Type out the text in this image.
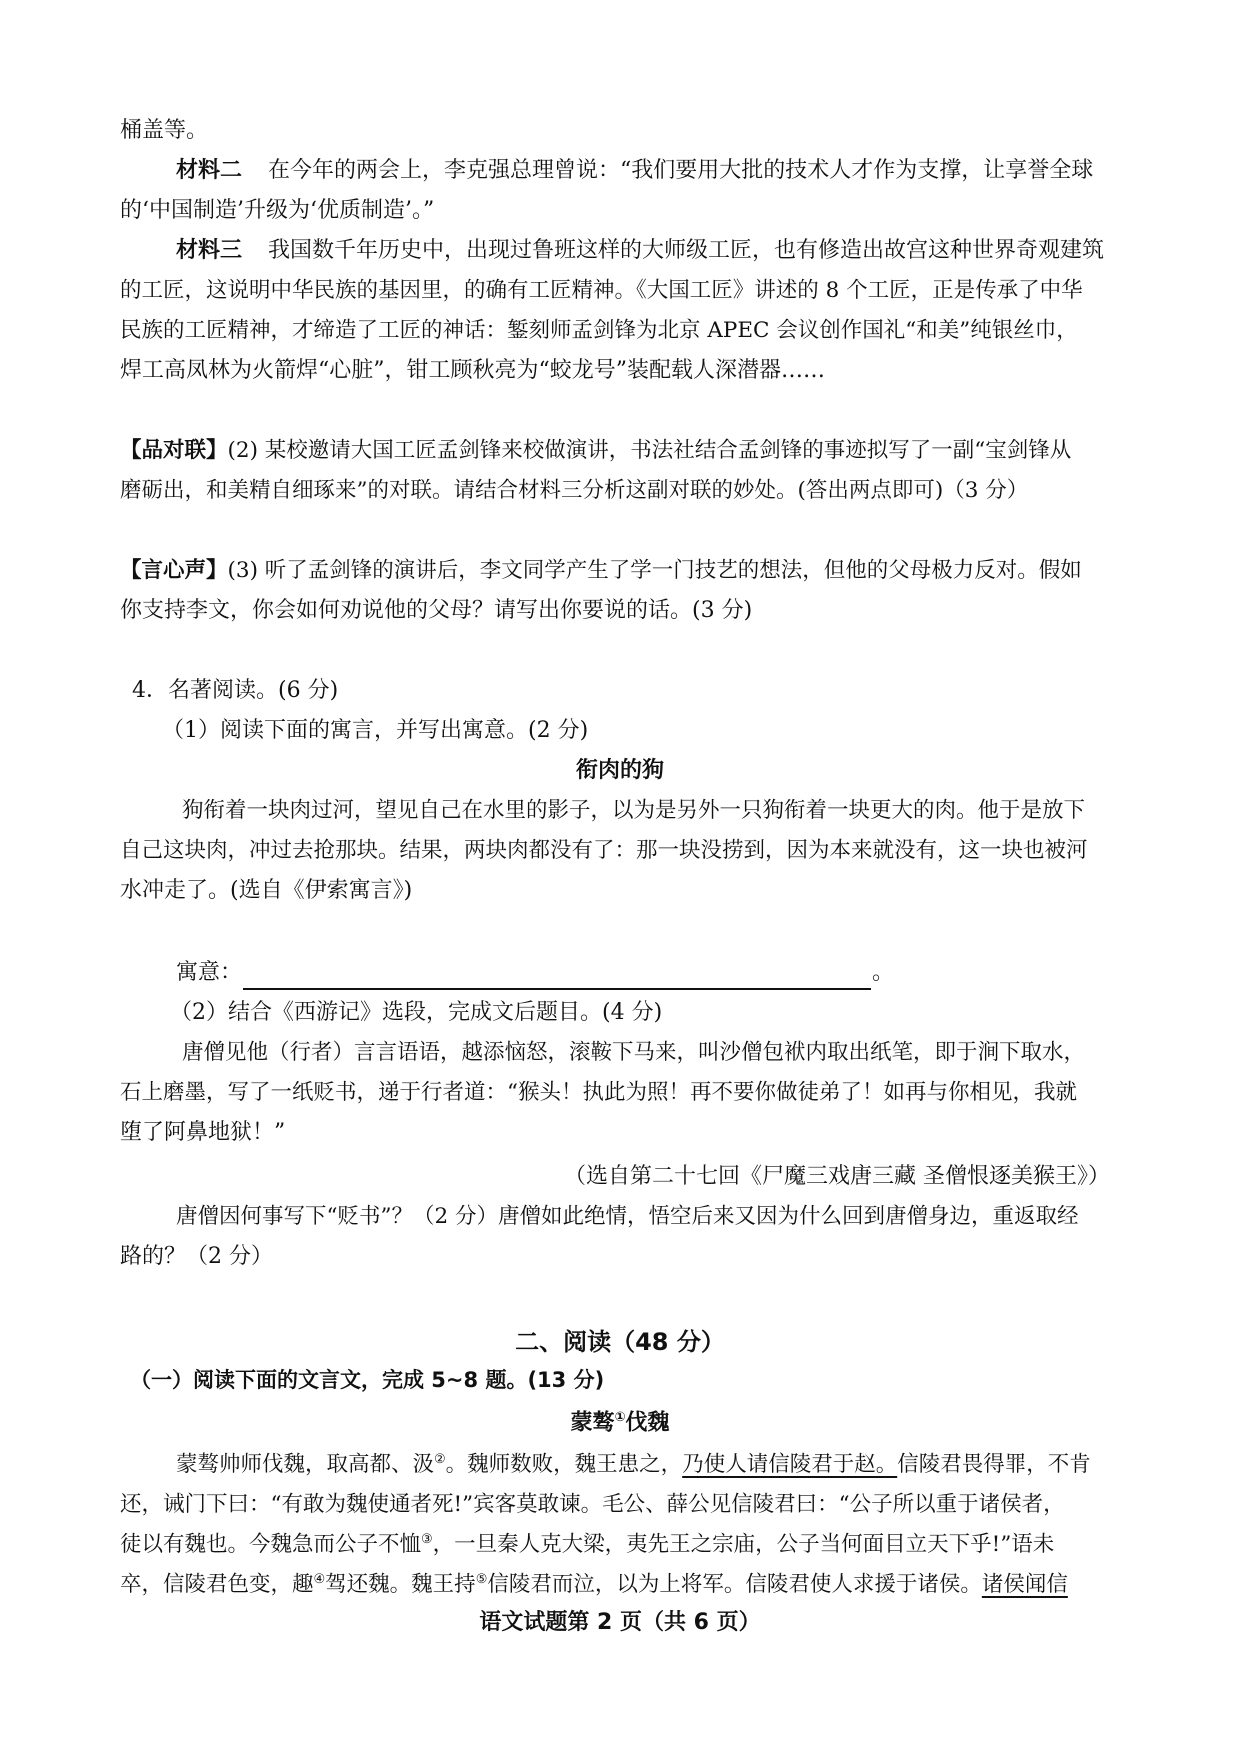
桶盖等。
材料二 在今年的两会上，李克强总理曾说：“我们要用大批的技术人才作为支撑，让享誉全球
的‘中国制造’升级为‘优质制造’。”
材料三 我国数千年历史中，出现过鲁班这样的大师级工匠，也有修造出故宫这种世界奇观建筑
的工匠，这说明中华民族的基因里，的确有工匠精神。《大国工匠》讲述的 8 个工匠，正是传承了中华
民族的工匠精神，才缔造了工匠的神话：錾刻师孟剑锋为北京 APEC 会议创作国礼“和美”纯银丝巾，
焊工高凤林为火箭焊“心脏”，钳工顾秋亮为“蛟龙号”装配载人深潜器……
【品对联】(2) 某校邀请大国工匠孟剑锋来校做演讲，书法社结合孟剑锋的事迹拟写了一副“宝剑锋从
磨砺出，和美精自细琢来”的对联。请结合材料三分析这副对联的妙处。(答出两点即可)（3 分）
【言心声】(3) 听了孟剑锋的演讲后，李文同学产生了学一门技艺的想法，但他的父母极力反对。假如
你支持李文，你会如何劝说他的父母？请写出你要说的话。(3 分)
4．名著阅读。(6 分)
（1）阅读下面的寓言，并写出寓意。(2 分)
衔肉的狗
狗衔着一块肉过河，望见自己在水里的影子，以为是另外一只狗衔着一块更大的肉。他于是放下
自己这块肉，冲过去抢那块。结果，两块肉都没有了：那一块没捞到，因为本来就没有，这一块也被河
水冲走了。(选自《伊索寓言》)
寓意：	。
（2）结合《西游记》选段，完成文后题目。(4 分)
唐僧见他（行者）言言语语，越添恼怒，滚鞍下马来，叫沙僧包袱内取出纸笔，即于涧下取水，
石上磨墨，写了一纸贬书，递于行者道：“猴头！执此为照！再不要你做徒弟了！如再与你相见，我就
堕了阿鼻地狱！”
（选自第二十七回《尸魔三戏唐三藏 圣僧恨逐美猴王》）
唐僧因何事写下“贬书”？（2 分）唐僧如此绝情，悟空后来又因为什么回到唐僧身边，重返取经
路的？（2 分）
二、阅读（48 分）
（一）阅读下面的文言文，完成 5~8 题。(13 分)
蒙骜①伐魏
蒙骜帅师伐魏，取高都、汲②。魏师数败，魏王患之，乃使人请信陵君于赵。信陵君畏得罪，不肯
还，诫门下曰：“有敢为魏使通者死!”宾客莫敢谏。毛公、薛公见信陵君曰：“公子所以重于诸侯者，
徒以有魏也。今魏急而公子不恤③，一旦秦人克大梁，夷先王之宗庙，公子当何面目立天下乎!”语未
卒，信陵君色变，趣④驾还魏。魏王持⑤信陵君而泣，以为上将军。信陵君使人求援于诸侯。诸侯闻信
语文试题第 2 页（共 6 页）
